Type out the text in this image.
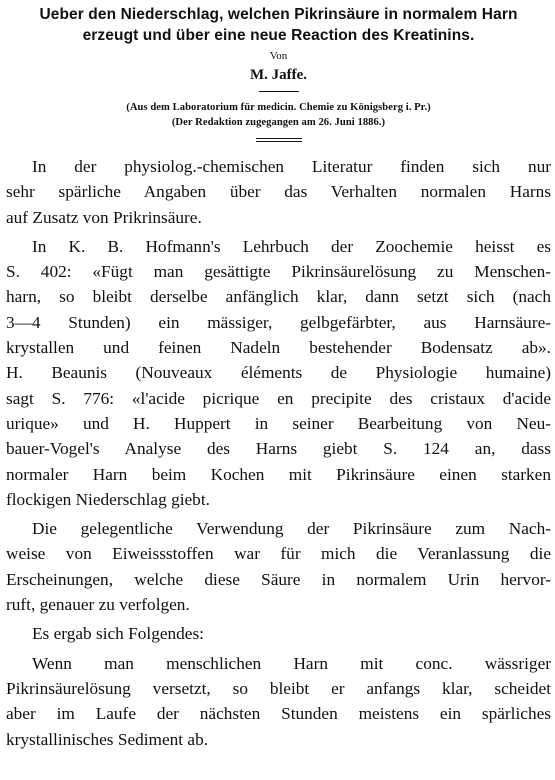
Ueber den Niederschlag, welchen Pikrinsäure in normalem Harn
erzeugt und über eine neue Reaction des Kreatinins.
Von
M. Jaffe.
(Aus dem Laboratorium für medicin. Chemie zu Königsberg i. Pr.)
(Der Redaktion zugegangen am 26. Juni 1886.)
In der physiolog.-chemischen Literatur finden sich nur
sehr spärliche Angaben über das Verhalten normalen Harns
auf Zusatz von Prikrinsäure.
In K. B. Hofmann's Lehrbuch der Zoochemie heisst es
S. 402: «Fügt man gesättigte Pikrinsäurelösung zu Menschen-
harn, so bleibt derselbe anfänglich klar, dann setzt sich (nach
3—4 Stunden) ein mässiger, gelbgefärbter, aus Harnsäure-
krystallen und feinen Nadeln bestehender Bodensatz ab».
H. Beaunis (Nouveaux éléments de Physiologie humaine)
sagt S. 776: «l'acide picrique en precipite des cristaux d'acide
urique» und H. Huppert in seiner Bearbeitung von Neu-
bauer-Vogel's Analyse des Harns giebt S. 124 an, dass
normaler Harn beim Kochen mit Pikrinsäure einen starken
flockigen Niederschlag giebt.
Die gelegentliche Verwendung der Pikrinsäure zum Nach-
weise von Eiweissstoffen war für mich die Veranlassung die
Erscheinungen, welche diese Säure in normalem Urin hervor-
ruft, genauer zu verfolgen.
Es ergab sich Folgendes:
Wenn man menschlichen Harn mit conc. wässriger
Pikrinsäurelösung versetzt, so bleibt er anfangs klar, scheidet
aber im Laufe der nächsten Stunden meistens ein spärliches
krystallinisches Sediment ab.
